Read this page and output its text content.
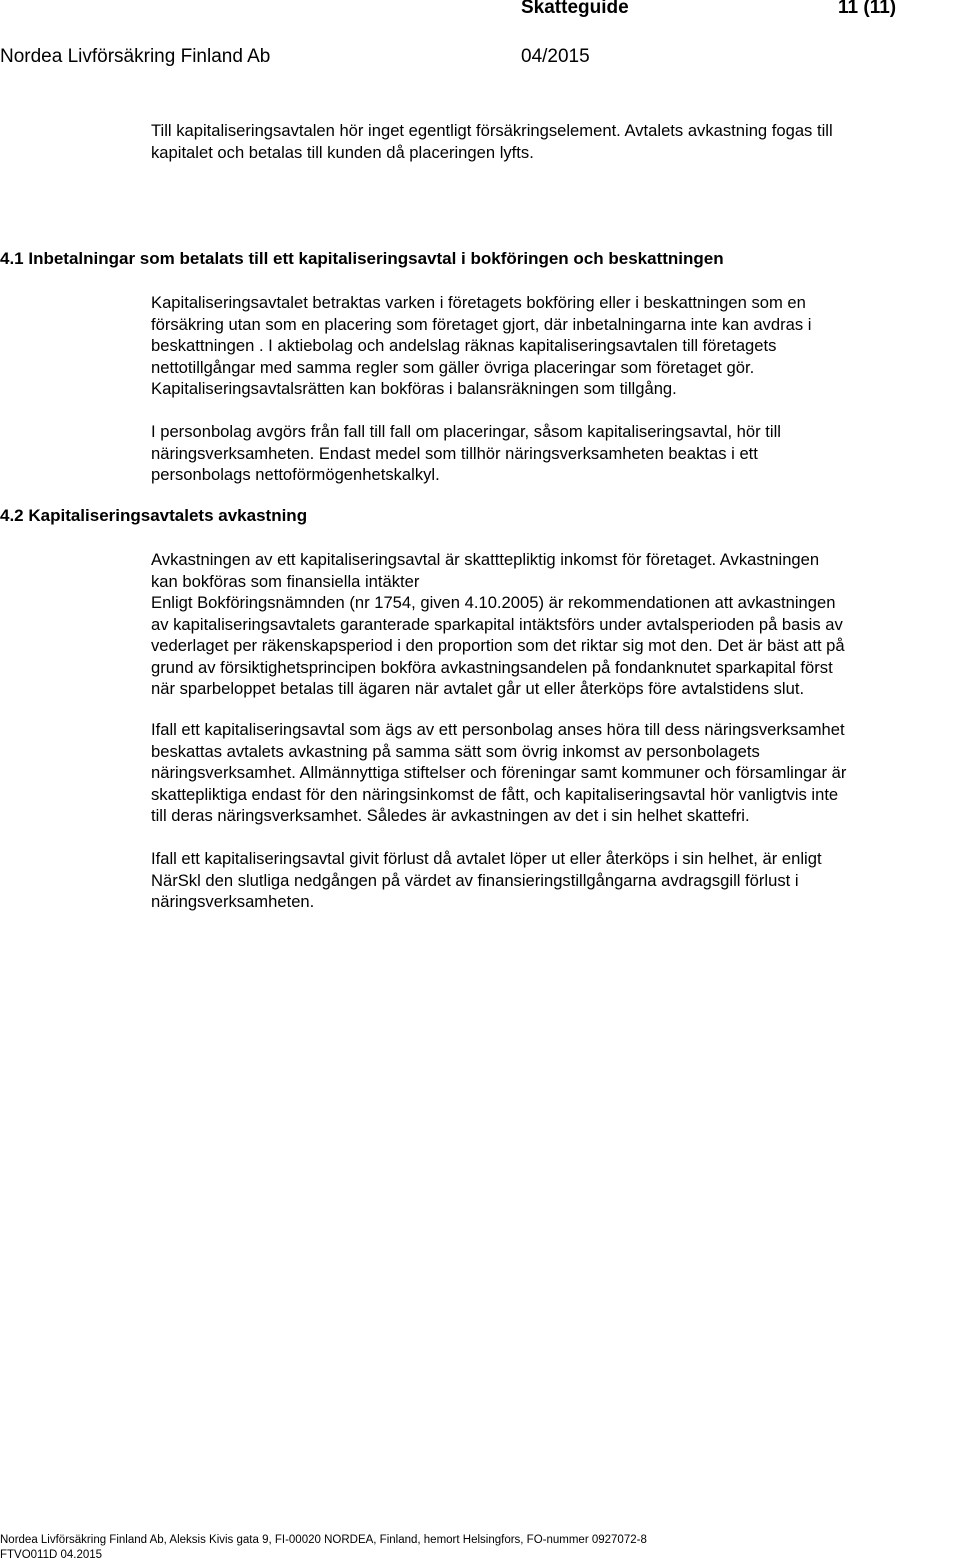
Skatteguide	11 (11)
Nordea Livförsäkring Finland Ab	04/2015
Till kapitaliseringsavtalen hör inget egentligt försäkringselement. Avtalets avkastning fogas till
kapitalet och betalas till kunden då placeringen lyfts.
4.1 Inbetalningar som betalats till ett kapitaliseringsavtal i bokföringen och beskattningen
Kapitaliseringsavtalet betraktas varken i företagets bokföring eller i beskattningen som en
försäkring utan som en placering som företaget gjort, där inbetalningarna inte kan avdras i
beskattningen . I aktiebolag och andelslag räknas kapitaliseringsavtalen till företagets
nettotillgångar med samma regler som gäller övriga placeringar som företaget gör.
Kapitaliseringsavtalsrätten kan bokföras i balansräkningen som tillgång.
I personbolag avgörs från fall till fall om placeringar, såsom kapitaliseringsavtal, hör till
näringsverksamheten. Endast medel som tillhör näringsverksamheten beaktas i ett
personbolags nettoförmögenhetskalkyl.
4.2 Kapitaliseringsavtalets avkastning
Avkastningen av ett kapitaliseringsavtal är skatttepliktig inkomst för företaget. Avkastningen
kan bokföras som finansiella intäkter
Enligt Bokföringsnämnden (nr 1754, given 4.10.2005) är rekommendationen att avkastningen
av kapitaliseringsavtalets garanterade sparkapital intäktsförs under avtalsperioden på basis av
vederlaget per räkenskapsperiod i den proportion som det riktar sig mot den. Det är bäst att på
grund av försiktighetsprincipen bokföra avkastningsandelen på fondanknutet sparkapital först
när sparbeloppet betalas till ägaren när avtalet går ut eller återköps före avtalstidens slut.
Ifall ett kapitaliseringsavtal som ägs av ett personbolag anses höra till dess näringsverksamhet
beskattas avtalets avkastning på samma sätt som övrig inkomst av personbolagets
näringsverksamhet. Allmännyttiga stiftelser och föreningar samt kommuner och församlingar är
skattepliktiga endast för den näringsinkomst de fått, och kapitaliseringsavtal hör vanligtvis inte
till deras näringsverksamhet. Således är avkastningen av det i sin helhet skattefri.
Ifall ett kapitaliseringsavtal givit förlust då avtalet löper ut eller återköps i sin helhet, är enligt
NärSkl den slutliga nedgången på värdet av finansieringstillgångarna avdragsgill förlust i
näringsverksamheten.
Nordea Livförsäkring Finland Ab, Aleksis Kivis gata 9, FI-00020 NORDEA, Finland, hemort Helsingfors, FO-nummer 0927072-8
FTVO011D 04.2015
